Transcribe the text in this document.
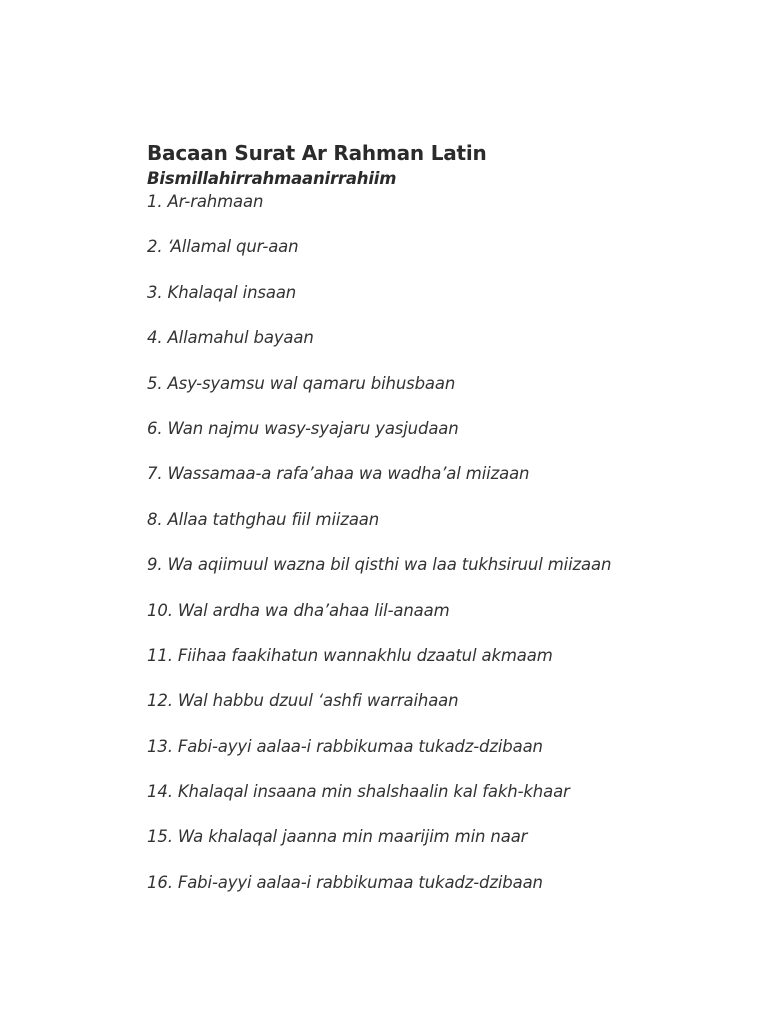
Bacaan Surat Ar Rahman Latin
Bismillahirrahmaanirrahiim
1. Ar-rahmaan
2. ‘Allamal qur-aan
3. Khalaqal insaan
4. Allamahul bayaan
5. Asy-syamsu wal qamaru bihusbaan
6. Wan najmu wasy-syajaru yasjudaan
7. Wassamaa-a rafa’ahaa wa wadha’al miizaan
8. Allaa tathghau fiil miizaan
9. Wa aqiimuul wazna bil qisthi wa laa tukhsiruul miizaan
10. Wal ardha wa dha’ahaa lil-anaam
11. Fiihaa faakihatun wannakhlu dzaatul akmaam
12. Wal habbu dzuul ‘ashfi warraihaan
13. Fabi-ayyi aalaa-i rabbikumaa tukadz-dzibaan
14. Khalaqal insaana min shalshaalin kal fakh-khaar
15. Wa khalaqal jaanna min maarijim min naar
16. Fabi-ayyi aalaa-i rabbikumaa tukadz-dzibaan
